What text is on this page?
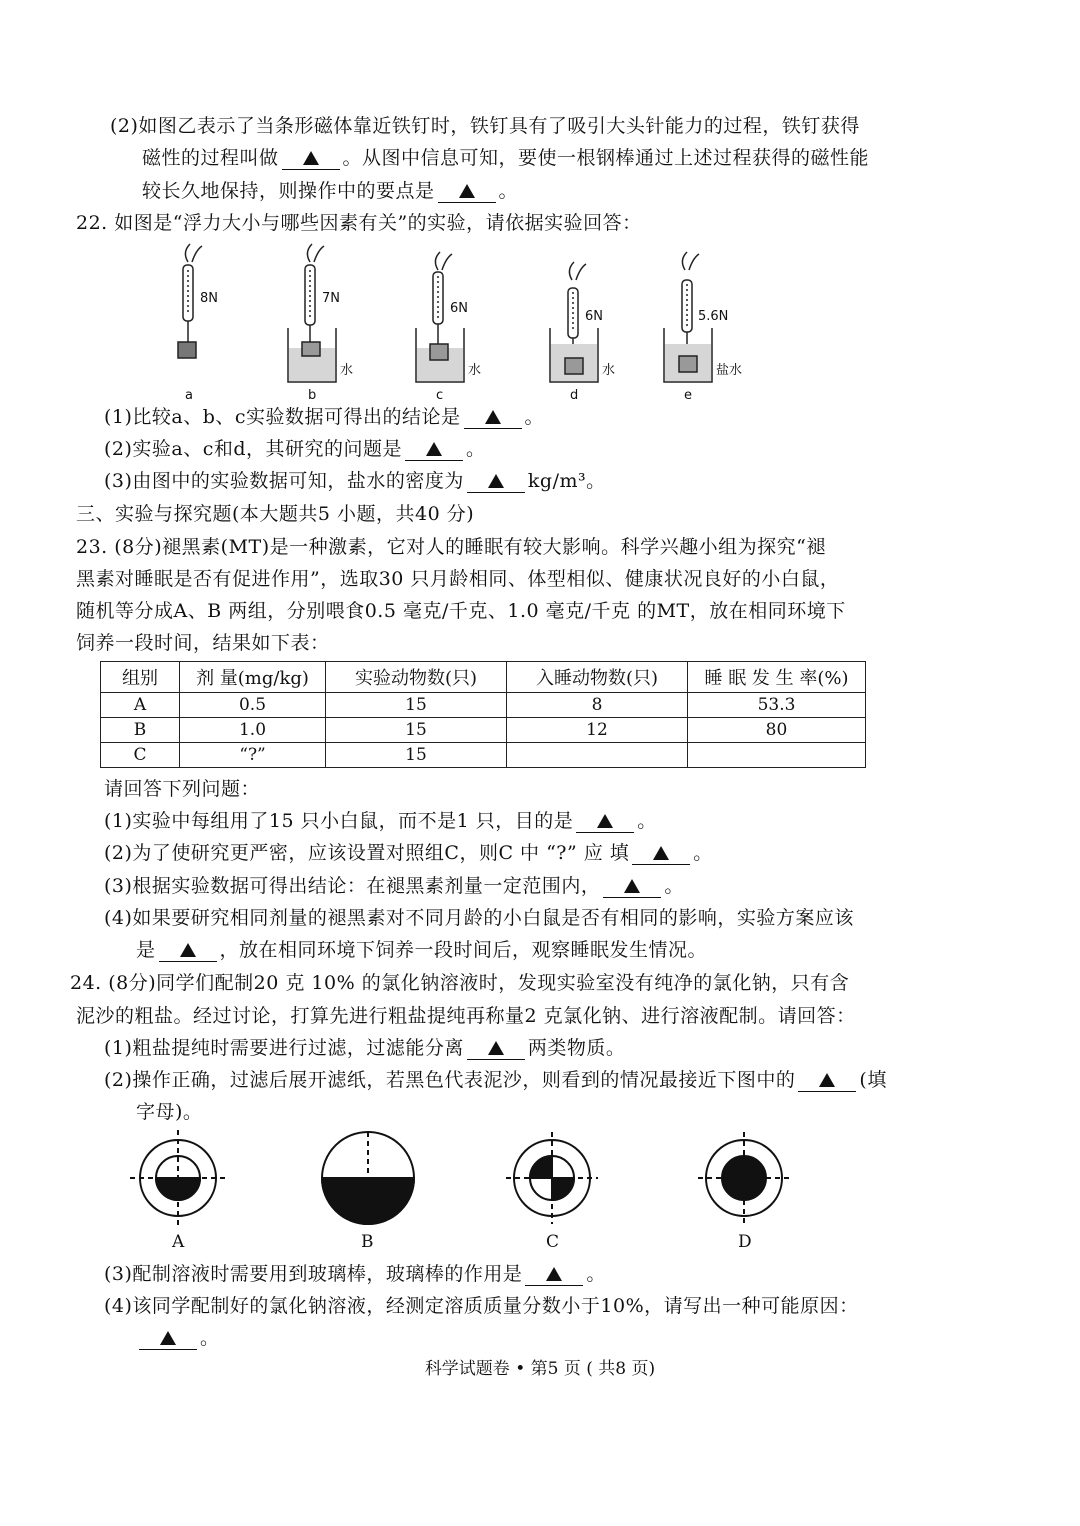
(2)如图乙表示了当条形磁体靠近铁钉时，铁钉具有了吸引大头针能力的过程，铁钉获得
磁性的过程叫做	。从图中信息可知，要使一根钢棒通过上述过程获得的磁性能
较长久地保持，则操作中的要点是	。
22. 如图是“浮力大小与哪些因素有关”的实验，请依据实验回答：
8N	7N
6N
6N	5.6N
水	水	水	盐水
a	b	c	d	e
(1)比较a、b、c实验数据可得出的结论是	。
(2)实验a、c和d，其研究的问题是	。
(3)由图中的实验数据可知，盐水的密度为	kg/m³。
三、实验与探究题(本大题共5 小题，共40 分)
23. (8分)褪黑素(MT)是一种激素，它对人的睡眠有较大影响。科学兴趣小组为探究“褪
黑素对睡眠是否有促进作用”，选取30 只月龄相同、体型相似、健康状况良好的小白鼠，
随机等分成A、B 两组，分别喂食0.5 毫克/千克、1.0 毫克/千克 的MT，放在相同环境下
饲养一段时间，结果如下表：
组别	剂 量(mg/kg)	实验动物数(只)	入睡动物数(只)	睡 眠 发 生 率(%)
A	0.5	15	8	53.3
B	1.0	15	12	80
C	“?”	15		
请回答下列问题：
(1)实验中每组用了15 只小白鼠，而不是1 只，目的是	。
(2)为了使研究更严密，应该设置对照组C，则C 中 “?” 应 填	。
(3)根据实验数据可得出结论：在褪黑素剂量一定范围内，	。
(4)如果要研究相同剂量的褪黑素对不同月龄的小白鼠是否有相同的影响，实验方案应该
是	，放在相同环境下饲养一段时间后，观察睡眠发生情况。
24. (8分)同学们配制20 克 10% 的氯化钠溶液时，发现实验室没有纯净的氯化钠，只有含
泥沙的粗盐。经过讨论，打算先进行粗盐提纯再称量2 克氯化钠、进行溶液配制。请回答：
(1)粗盐提纯时需要进行过滤，过滤能分离	两类物质。
(2)操作正确，过滤后展开滤纸，若黑色代表泥沙，则看到的情况最接近下图中的	(填
字母)。
A	B	C	D
(3)配制溶液时需要用到玻璃棒，玻璃棒的作用是	。
(4)该同学配制好的氯化钠溶液，经测定溶质质量分数小于10%，请写出一种可能原因：
。
科学试题卷 • 第5 页 ( 共8 页)
